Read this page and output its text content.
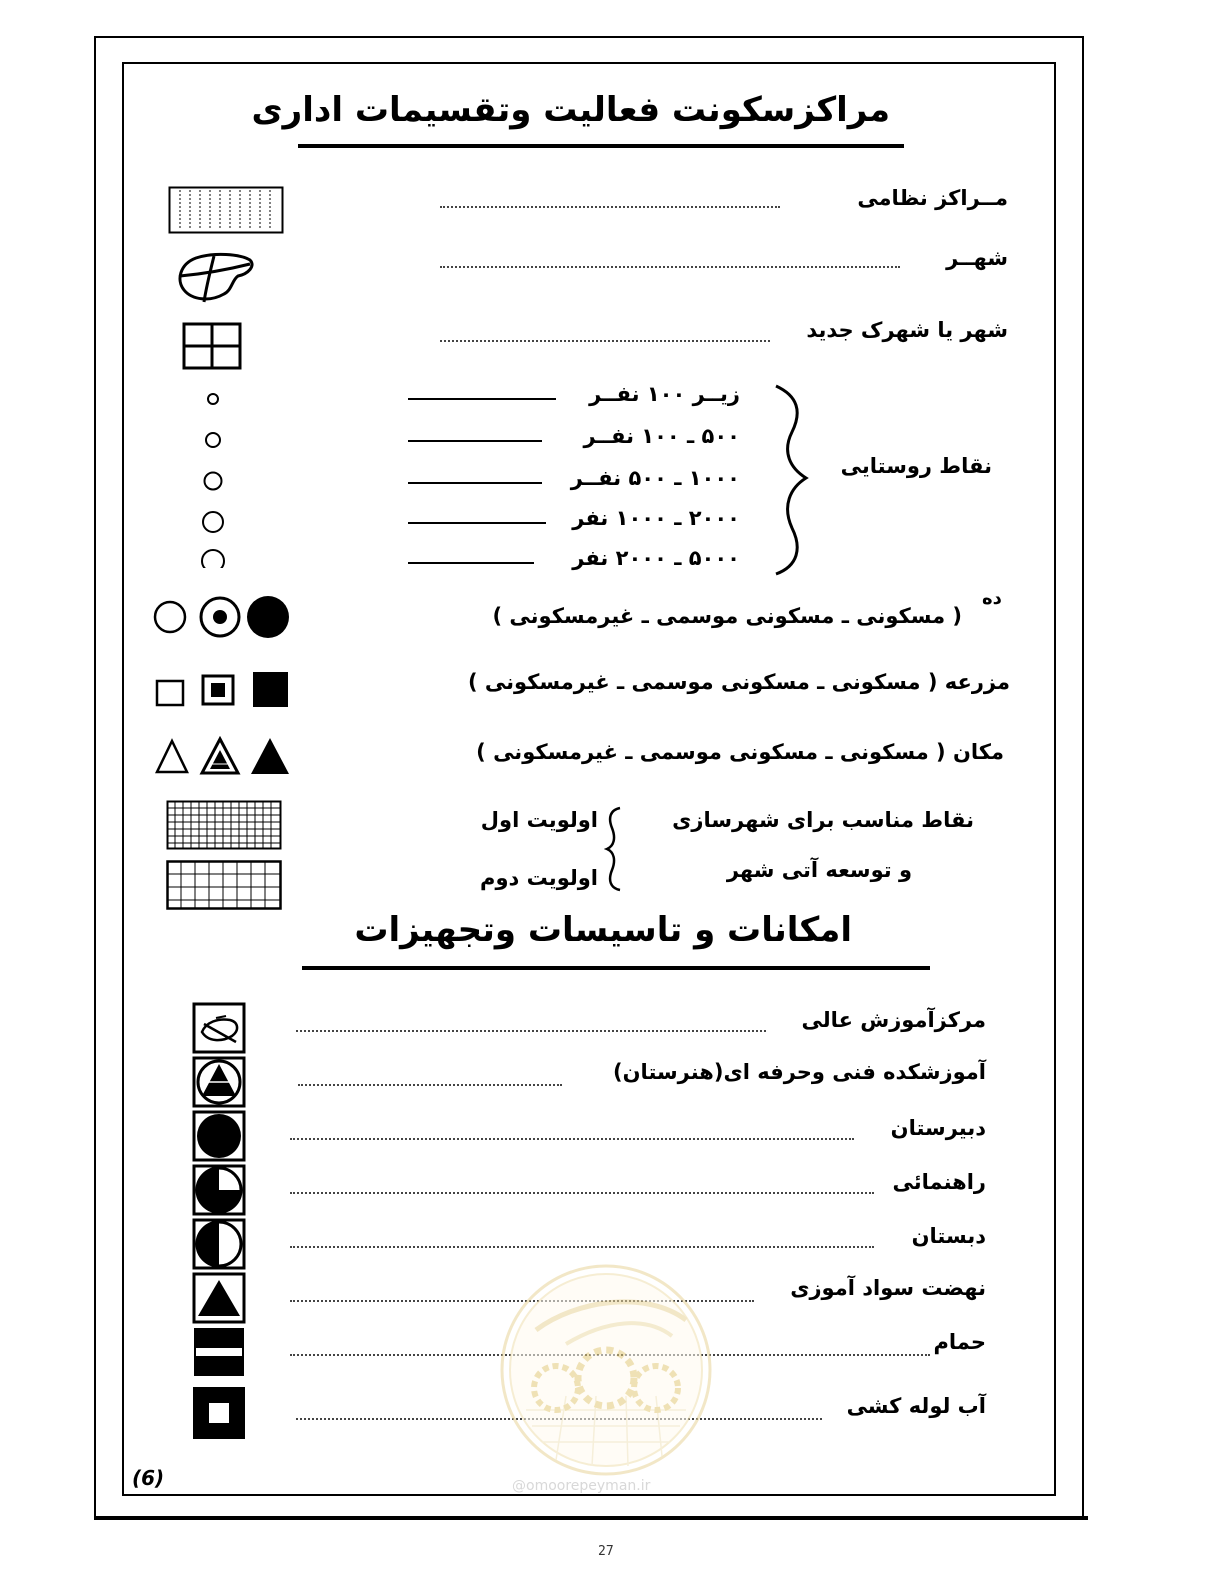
مراکزسکونت فعالیت وتقسیمات اداری
مــراکز نظامی
شهــر
شهر یا شهرک جدید
نقاط روستایی
زیــر ۱۰۰ نفــر
۵۰۰ ـ ۱۰۰ نفــر
۱۰۰۰ ـ ۵۰۰ نفــر
۲۰۰۰ ـ ۱۰۰۰ نفر
۵۰۰۰ ـ ۲۰۰۰ نفر
ده
( مسکونی ـ مسکونی موسمی ـ غیرمسکونی )
مزرعه ( مسکونی ـ مسکونی موسمی ـ غیرمسکونی )
مکان ( مسکونی ـ مسکونی موسمی ـ غیرمسکونی )
نقاط مناسب برای شهرسازی
و توسعه آتی شهر
اولویت اول
اولویت دوم
امکانات و تاسیسات وتجهیزات
مرکزآموزش عالی
آموزشکده فنی وحرفه ای(هنرستان)
دبیرستان
راهنمائی
دبستان
نهضت سواد آموزی
حمام
آب لوله کشی
@omoorepeyman.ir
(6)
27
